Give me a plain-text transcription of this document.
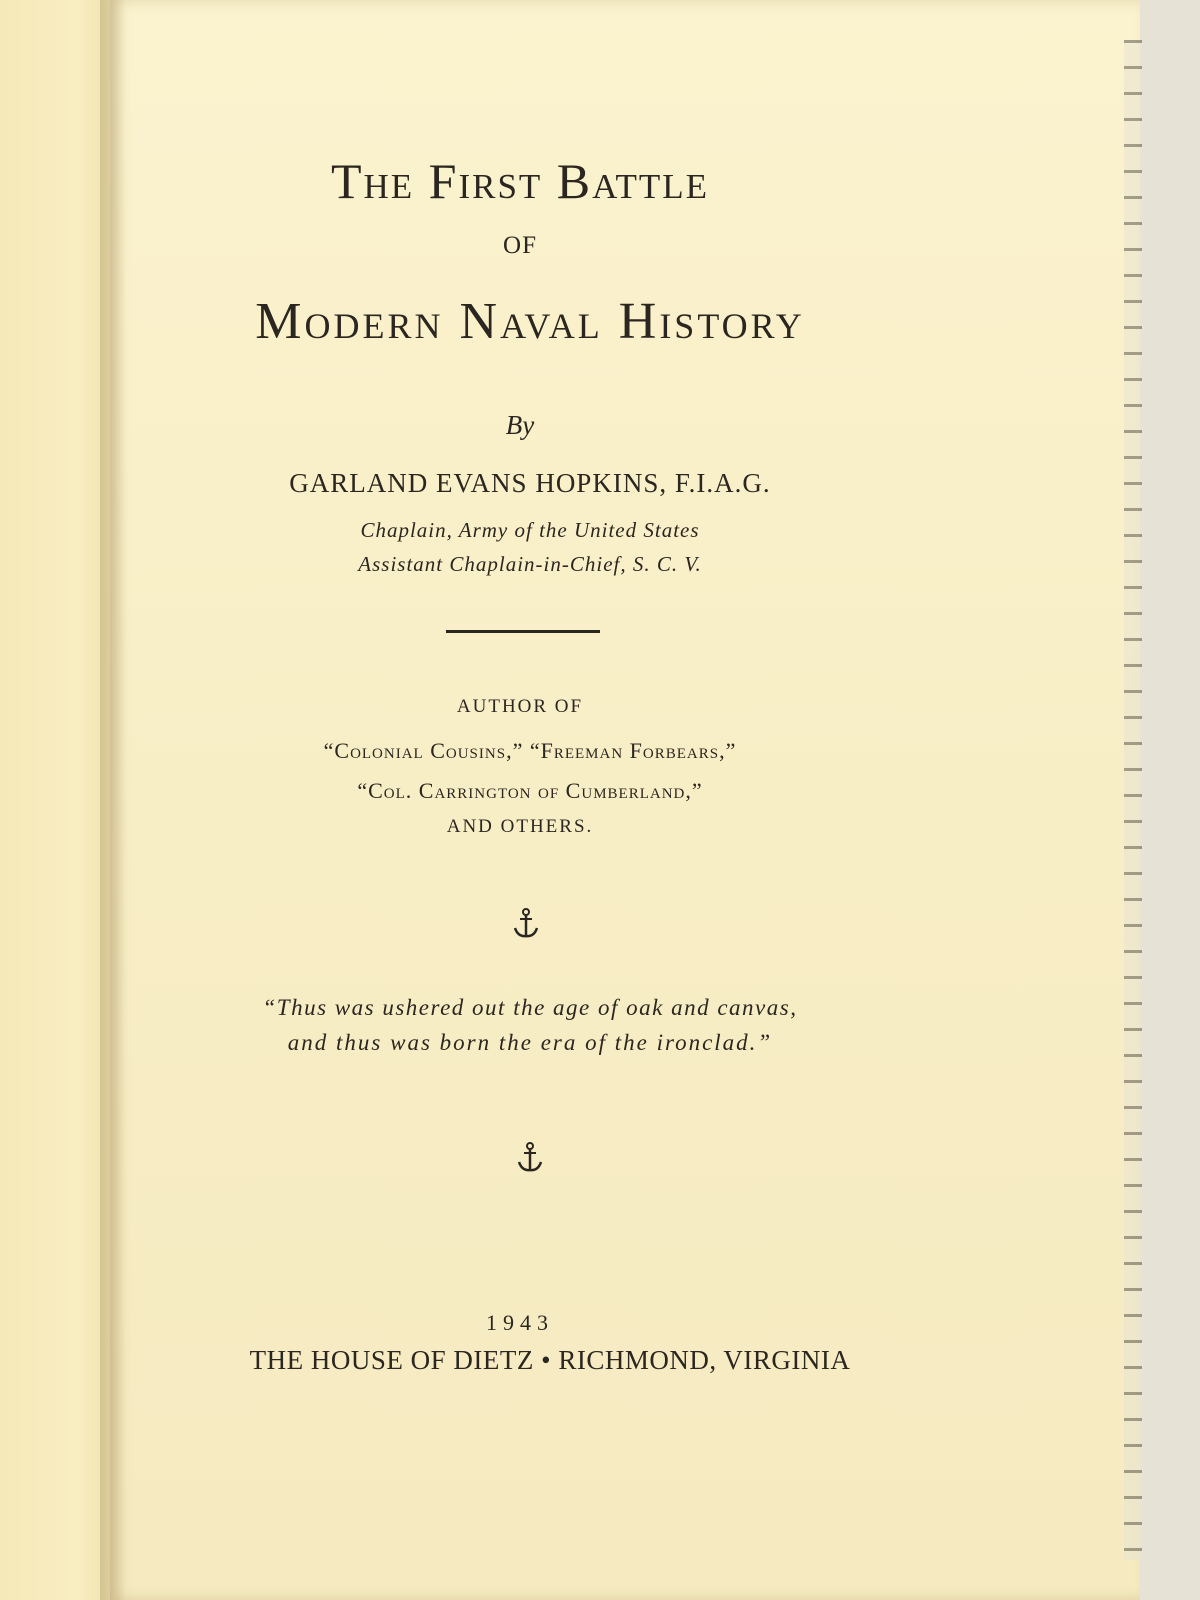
The First Battle
OF
Modern Naval History
By
GARLAND EVANS HOPKINS, F.I.A.G.
Chaplain, Army of the United States
Assistant Chaplain-in-Chief, S. C. V.
AUTHOR OF
“Colonial Cousins,” “Freeman Forbears,”
“Col. Carrington of Cumberland,”
AND OTHERS.
“Thus was ushered out the age of oak and canvas,
and thus was born the era of the ironclad.”
1943
THE HOUSE OF DIETZ • RICHMOND, VIRGINIA
